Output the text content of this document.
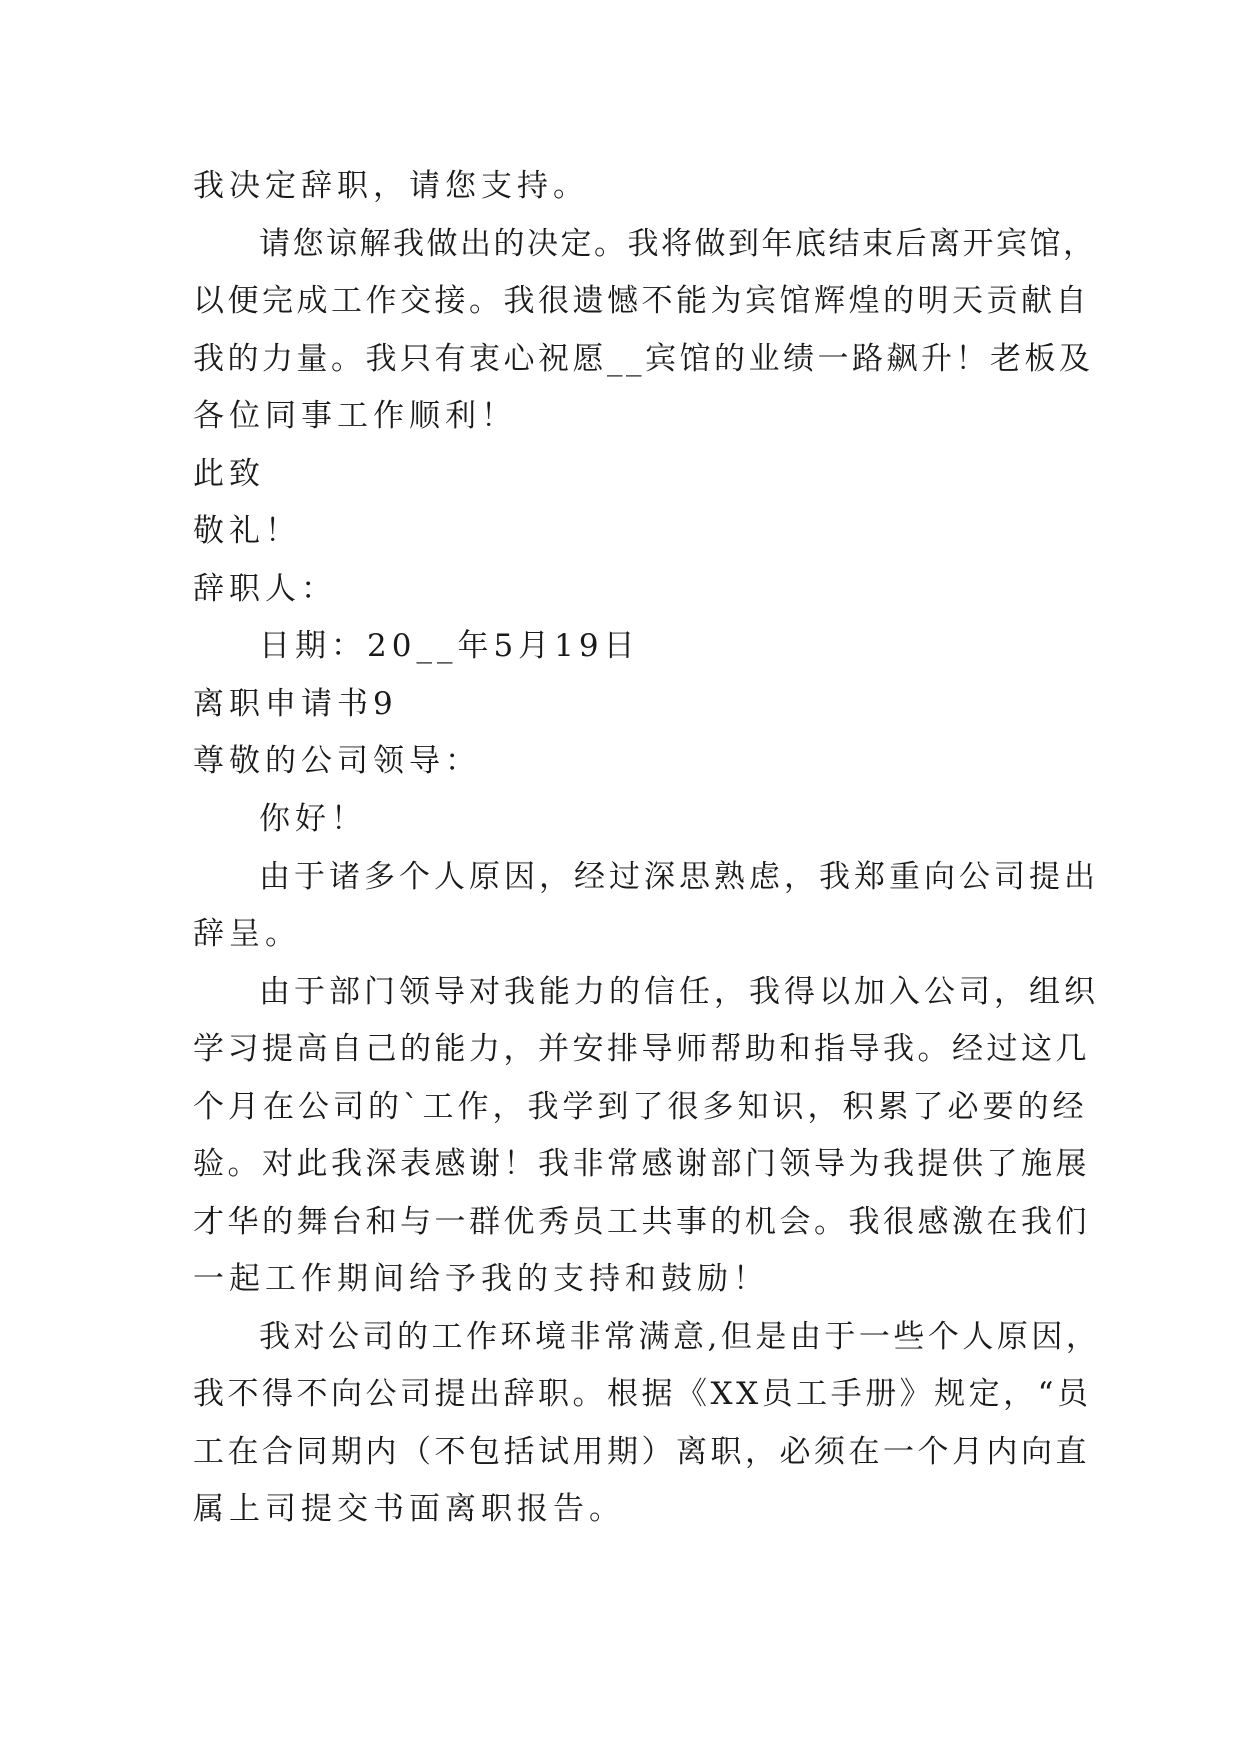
我决定辞职，请您支持。
请您谅解我做出的决定。我将做到年底结束后离开宾馆，
以便完成工作交接。我很遗憾不能为宾馆辉煌的明天贡献自
我的力量。我只有衷心祝愿__宾馆的业绩一路飙升！老板及
各位同事工作顺利！
此致
敬礼！
辞职人：
日期：20__年5月19日
离职申请书9
尊敬的公司领导：
你好！
由于诸多个人原因，经过深思熟虑，我郑重向公司提出
辞呈。
由于部门领导对我能力的信任，我得以加入公司，组织
学习提高自己的能力，并安排导师帮助和指导我。经过这几
个月在公司的`工作，我学到了很多知识，积累了必要的经
验。对此我深表感谢！我非常感谢部门领导为我提供了施展
才华的舞台和与一群优秀员工共事的机会。我很感激在我们
一起工作期间给予我的支持和鼓励！
我对公司的工作环境非常满意,但是由于一些个人原因，
我不得不向公司提出辞职。根据《XX员工手册》规定，“员
工在合同期内（不包括试用期）离职，必须在一个月内向直
属上司提交书面离职报告。
